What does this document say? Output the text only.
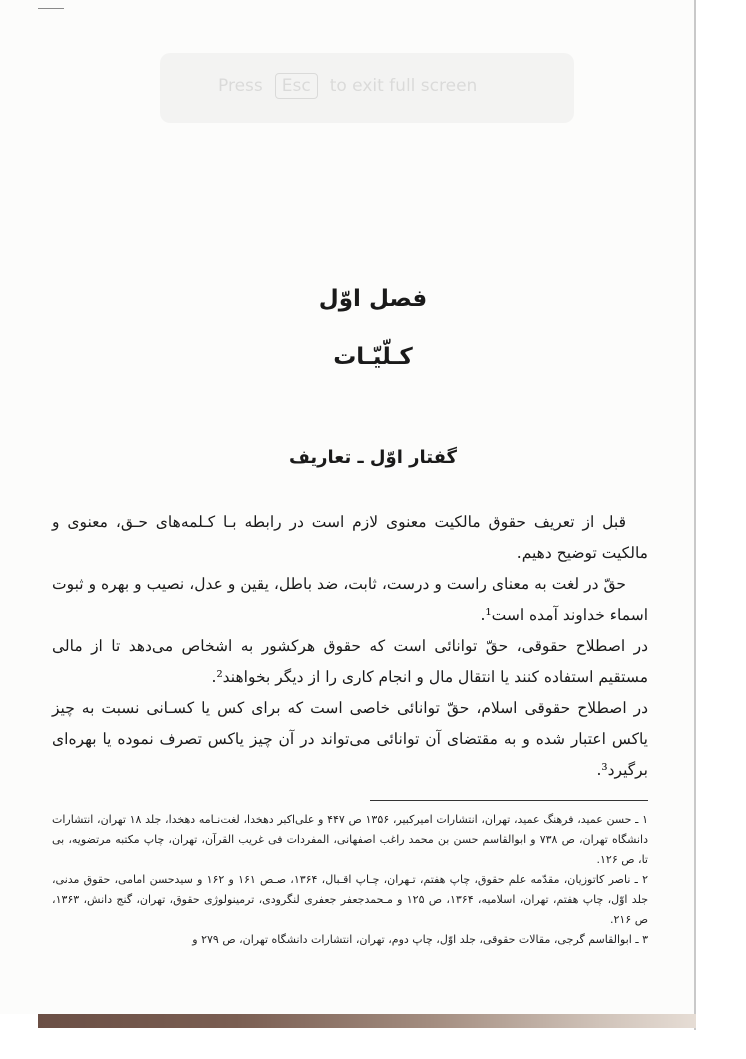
Press	Esc	to exit full screen
فصل اوّل
کـلّیّـات
گفتار اوّل ـ تعاریف

قبل از تعریف حقوق مالکیت معنوی لازم است در رابطه بـا کـلمه‌های حـق، معنوی و مالکیت توضیح دهیم.

حقّ در لغت به معنای راست و درست، ثابت، ضد باطل، یقین و عدل، نصیب و بهره و ثبوت اسماء خداوند آمده است¹.

در اصطلاح حقوقی، حقّ توانائی است که حقوق هرکشور به اشخاص می‌دهد تا از مالی مستقیم استفاده کنند یا انتقال مال و انجام کاری را از دیگر بخواهند².

در اصطلاح حقوقی اسلام، حقّ توانائی خاصی است که برای کس یا کسـانی نسبت به چیز یاکس اعتبار شده و به مقتضای آن توانائی می‌تواند در آن چیز یاکس تصرف نموده یا بهره‌ای برگیرد³.

۱ ـ حسن عمید، فرهنگ عمید، تهران، انتشارات امیرکبیر، ۱۳۵۶ ص ۴۴۷ و علی‌اکبر دهخدا، لغت‌نـامه دهخدا، جلد ۱۸ تهران، انتشارات دانشگاه تهران، ص ۷۳۸ و ابوالقاسم حسن بن محمد راغب اصفهانی، المفردات فی غریب القرآن، تهران، چاپ مکتبه مرتضویه، بی تا، ص ۱۲۶.

۲ ـ ناصر کاتوزیان، مقدّمه علم حقوق، چاپ هفتم، تـهران، چـاپ اقـبال، ۱۳۶۴، صـص ۱۶۱ و ۱۶۲ و سیدحسن امامی، حقوق مدنی، جلد اوّل، چاپ هفتم، تهران، اسلامیه، ۱۳۶۴، ص ۱۲۵ و مـحمدجعفر جعفری لنگرودی، ترمینولوژی حقوق، تهران، گنج دانش، ۱۳۶۳، ص ۲۱۶.

۳ ـ ابوالقاسم گرجی، مقالات حقوقی، جلد اوّل، چاپ دوم، تهران، انتشارات دانشگاه تهران، ص ۲۷۹ و
